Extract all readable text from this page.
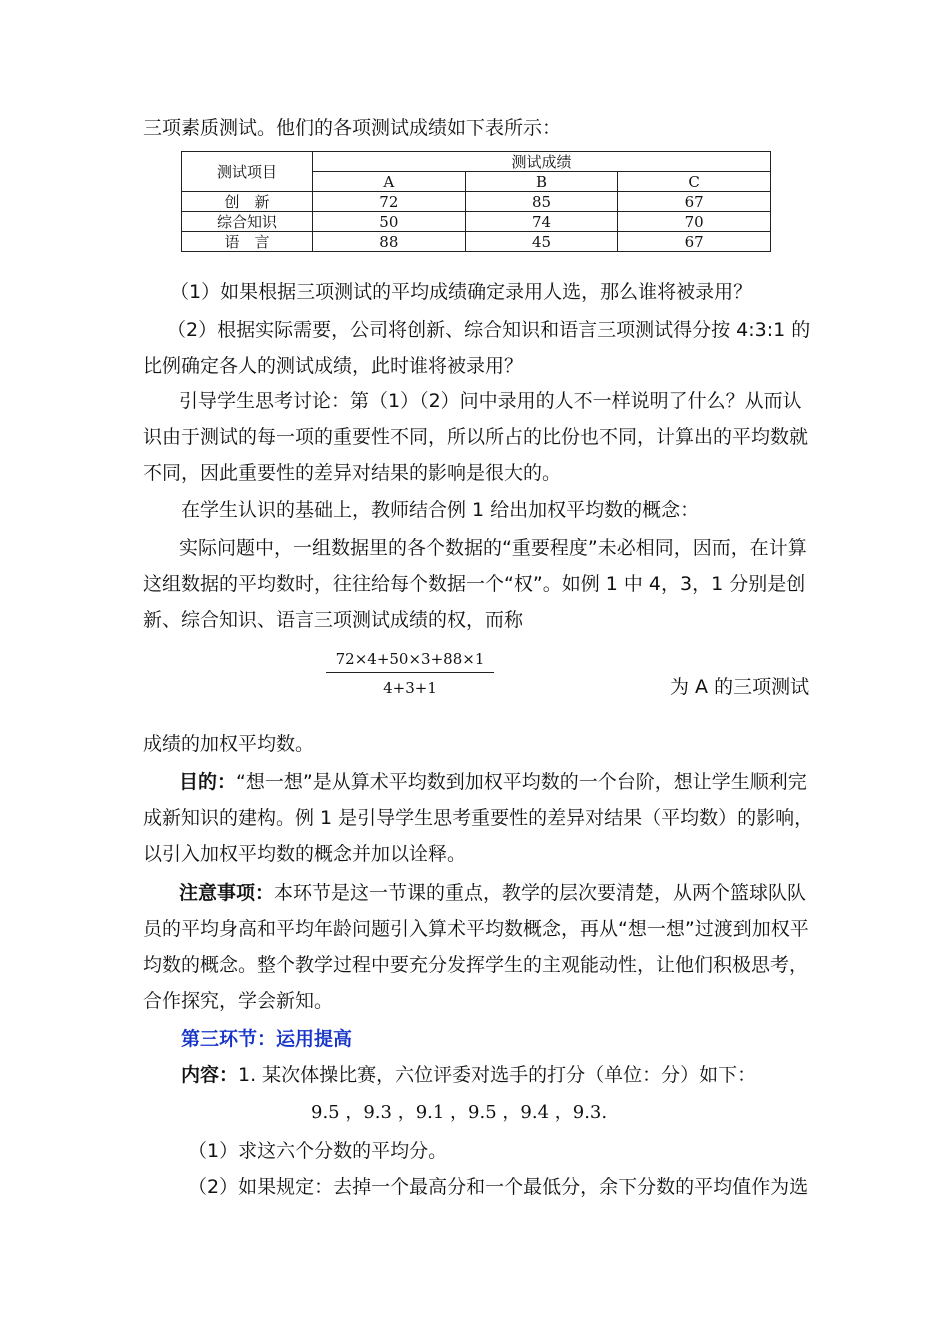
三项素质测试。他们的各项测试成绩如下表所示：
测试项目	测试成绩		
	A	B	C
创　新	72	85	67
综合知识	50	74	70
语　言	88	45	67
（1）如果根据三项测试的平均成绩确定录用人选，那么谁将被录用？

（2）根据实际需要，公司将创新、综合知识和语言三项测试得分按 4:3:1 的比例确定各人的测试成绩，此时谁将被录用？

引导学生思考讨论：第（1）（2）问中录用的人不一样说明了什么？从而认识由于测试的每一项的重要性不同，所以所占的比份也不同，计算出的平均数就不同，因此重要性的差异对结果的影响是很大的。

在学生认识的基础上，教师结合例 1 给出加权平均数的概念：

实际问题中，一组数据里的各个数据的“重要程度”未必相同，因而，在计算这组数据的平均数时，往往给每个数据一个“权”。如例 1 中 4，3，1 分别是创新、综合知识、语言三项测试成绩的权，而称

$\frac{72\times 4+50\times 3+88\times 1}{4+3+1}$	为 A 的三项测试
成绩的加权平均数。

目的：“想一想”是从算术平均数到加权平均数的一个台阶，想让学生顺利完成新知识的建构。例 1 是引导学生思考重要性的差异对结果（平均数）的影响，以引入加权平均数的概念并加以诠释。

注意事项：本环节是这一节课的重点，教学的层次要清楚，从两个篮球队队员的平均身高和平均年龄问题引入算术平均数概念，再从“想一想”过渡到加权平均数的概念。整个教学过程中要充分发挥学生的主观能动性，让他们积极思考，合作探究，学会新知。

第三环节：运用提高
内容：1. 某次体操比赛，六位评委对选手的打分（单位：分）如下：
9.5 ，9.3 ，9.1 ，9.5 ，9.4 ，9.3.
（1）求这六个分数的平均分。
（2）如果规定：去掉一个最高分和一个最低分，余下分数的平均值作为选
